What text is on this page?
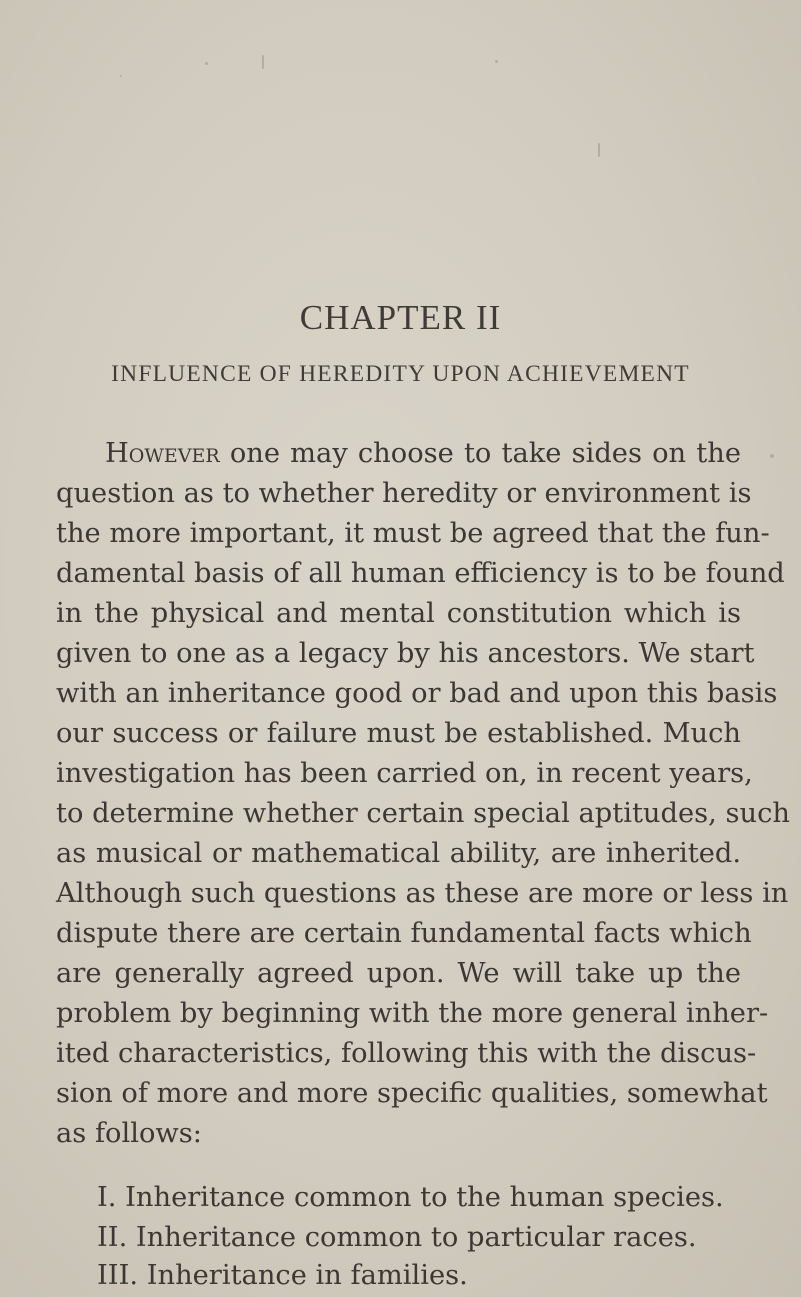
CHAPTER II
INFLUENCE OF HEREDITY UPON ACHIEVEMENT

However one may choose to take sides on the

question as to whether heredity or environment is

the more important, it must be agreed that the fun-

damental basis of all human efficiency is to be found

in the physical and mental constitution which is

given to one as a legacy by his ancestors. We start

with an inheritance good or bad and upon this basis

our success or failure must be established. Much

investigation has been carried on, in recent years,

to determine whether certain special aptitudes, such

as musical or mathematical ability, are inherited.

Although such questions as these are more or less in

dispute there are certain fundamental facts which

are generally agreed upon. We will take up the

problem by beginning with the more general inher-

ited characteristics, following this with the discus-

sion of more and more specific qualities, somewhat

as follows:

I. Inheritance common to the human species.

II. Inheritance common to particular races.

III. Inheritance in families.
